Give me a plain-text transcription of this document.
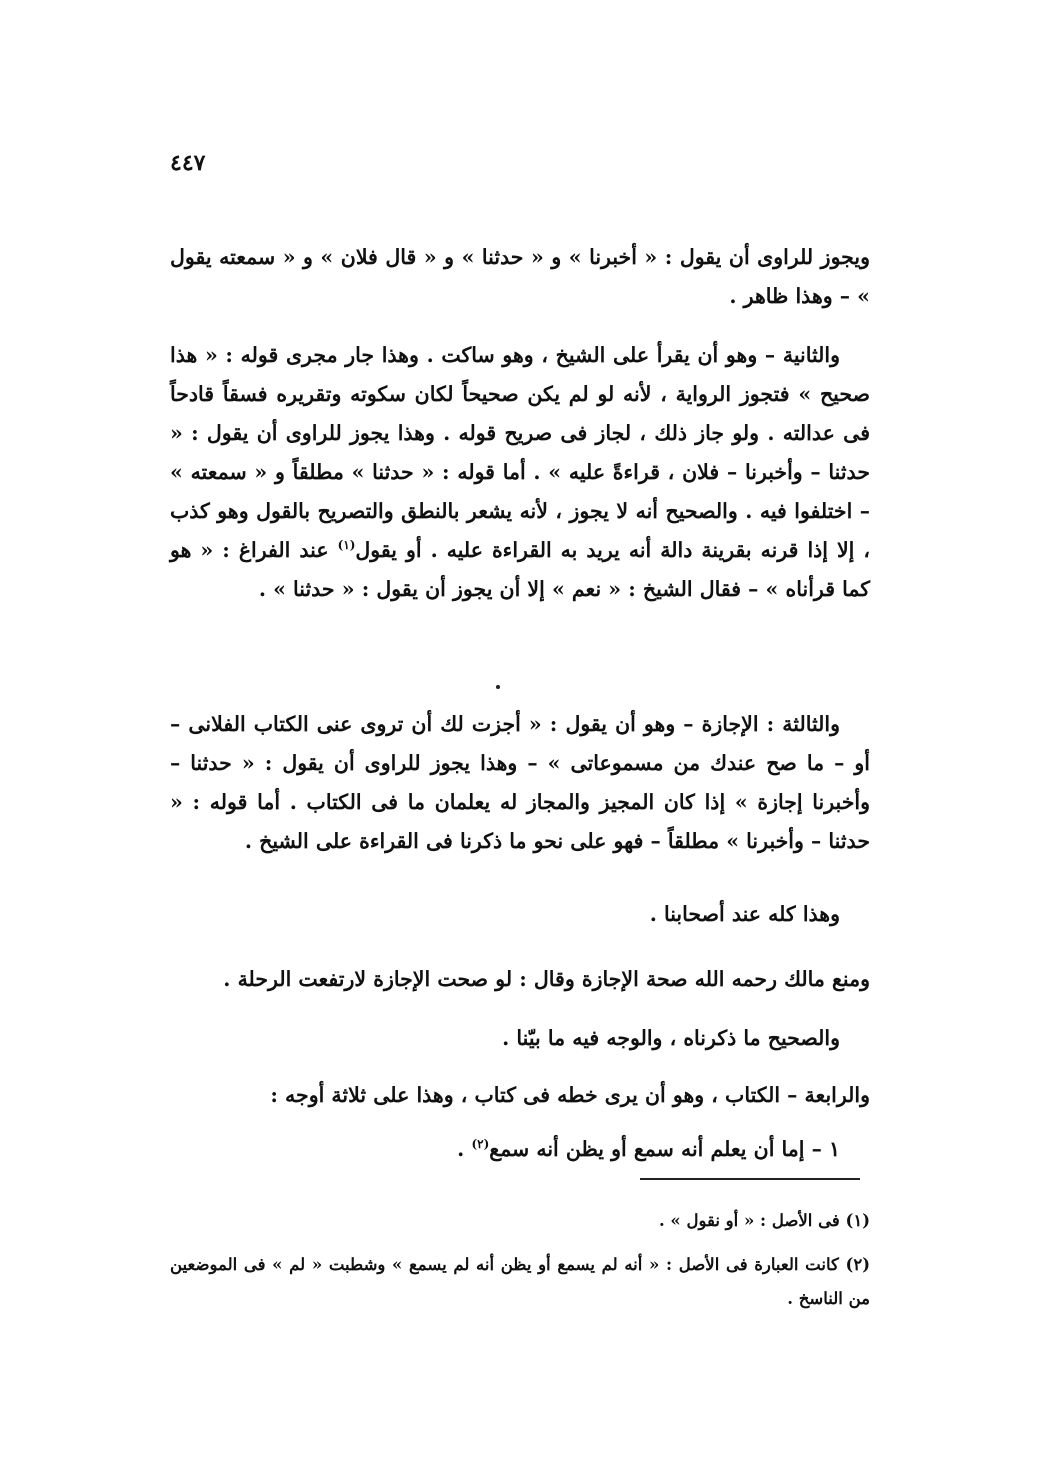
٤٤٧

ويجوز للراوى أن يقول : « أخبرنا » و « حدثنا » و « قال فلان » و « سمعته يقول » – وهذا ظاهر .

والثانية – وهو أن يقرأ على الشيخ ، وهو ساكت . وهذا جار مجرى قوله : « هذا صحيح » فتجوز الرواية ، لأنه لو لم يكن صحيحاً لكان سكوته وتقريره فسقاً قادحاً فى عدالته . ولو جاز ذلك ، لجاز فى صريح قوله . وهذا يجوز للراوى أن يقول : « حدثنا – وأخبرنا – فلان ، قراءةً عليه » . أما قوله : « حدثنا » مطلقاً و « سمعته » – اختلفوا فيه . والصحيح أنه لا يجوز ، لأنه يشعر بالنطق والتصريح بالقول وهو كذب ، إلا إذا قرنه بقرينة دالة أنه يريد به القراءة عليه . أو يقول$^{(١)}$ عند الفراغ : « هو كما قرأناه » – فقال الشيخ : « نعم » إلا أن يجوز أن يقول : « حدثنا » .

والثالثة : الإجازة – وهو أن يقول : « أجزت لك أن تروى عنى الكتاب الفلانى – أو – ما صح عندك من مسموعاتى » – وهذا يجوز للراوى أن يقول : « حدثنا – وأخبرنا إجازة » إذا كان المجيز والمجاز له يعلمان ما فى الكتاب . أما قوله : « حدثنا – وأخبرنا » مطلقاً – فهو على نحو ما ذكرنا فى القراءة على الشيخ .

وهذا كله عند أصحابنا .

ومنع مالك رحمه الله صحة الإجازة وقال : لو صحت الإجازة لارتفعت الرحلة .

والصحيح ما ذكرناه ، والوجه فيه ما بيّنا .

والرابعة – الكتاب ، وهو أن يرى خطه فى كتاب ، وهذا على ثلاثة أوجه :

١ – إما أن يعلم أنه سمع أو يظن أنه سمع$^{(٢)}$ .

(١) فى الأصل : « أو نقول » .

(٢) كانت العبارة فى الأصل : « أنه لم يسمع أو يظن أنه لم يسمع » وشطبت « لم » فى الموضعين من الناسخ .
